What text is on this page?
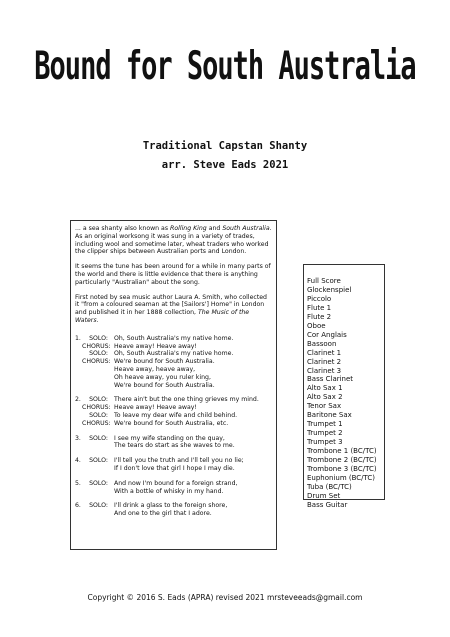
Bound for South Australia
Traditional Capstan Shanty
arr. Steve Eads 2021

... a sea shanty also known as Rolling King and South Australia. As an original worksong it was sung in a variety of trades, including wool and sometime later, wheat traders who worked the clipper ships between Australian ports and London.

It seems the tune has been around for a while in many parts of the world and there is little evidence that there is anything particularly "Australian" about the song.

First noted by sea music author Laura A. Smith, who collected it "from a coloured seaman at the [Sailors'] Home" in London and published it in her 1888 collection, The Music of the Waters.

1.	SOLO: Oh, South Australia's my native home.
CHORUS: Heave away! Heave away!
SOLO: Oh, South Australia's my native home.
CHORUS: We're bound for South Australia.
Heave away, heave away,
Oh heave away, you ruler king,
We're bound for South Australia.
2.	SOLO: There ain't but the one thing grieves my mind.
CHORUS: Heave away! Heave away!
SOLO: To leave my dear wife and child behind.
CHORUS: We're bound for South Australia, etc.
3.	SOLO: I see my wife standing on the quay,
The tears do start as she waves to me.
4.	SOLO: I'll tell you the truth and I'll tell you no lie;
If I don't love that girl I hope I may die.
5.	SOLO: And now I'm bound for a foreign strand,
With a bottle of whisky in my hand.
6.	SOLO: I'll drink a glass to the foreign shore,
And one to the girl that I adore.
Full Score
Glockenspiel
Piccolo
Flute 1
Flute 2
Oboe
Cor Anglais
Bassoon
Clarinet 1
Clarinet 2
Clarinet 3
Bass Clarinet
Alto Sax 1
Alto Sax 2
Tenor Sax
Baritone Sax
Trumpet 1
Trumpet 2
Trumpet 3
Trombone 1 (BC/TC)
Trombone 2 (BC/TC)
Trombone 3 (BC/TC)
Euphonium (BC/TC)
Tuba (BC/TC)
Drum Set
Bass Guitar
Copyright © 2016 S. Eads (APRA) revised 2021 mrsteveeads@gmail.com
